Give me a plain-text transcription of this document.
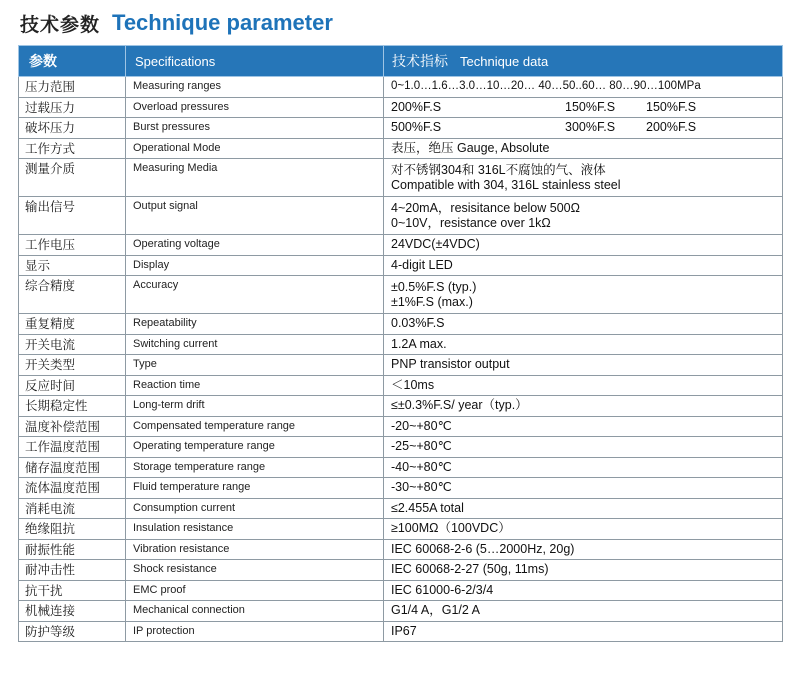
技术参数 Technique parameter
参数	Specifications	技术指标 Technique data
压力范围	Measuring ranges	0~1.0…1.6…3.0…10…20… 40…50..60… 80…90…100MPa

过载压力	Overload pressures	200%F.S 150%F.S 150%F.S

破坏压力	Burst pressures	500%F.S 300%F.S 200%F.S

工作方式	Operational Mode	表压，绝压 Gauge, Absolute

测量介质	Measuring Media	对不锈钢304和 316L不腐蚀的气、液体
Compatible with 304, 316L stainless steel

输出信号	Output signal	4~20mA，resisitance below 500Ω
0~10V，resistance over 1kΩ

工作电压	Operating voltage	24VDC(±4VDC)

显示	Display	4-digit LED

综合精度	Accuracy	±0.5%F.S (typ.)
±1%F.S (max.)

重复精度	Repeatability	0.03%F.S

开关电流	Switching current	1.2A max.

开关类型	Type	PNP transistor output

反应时间	Reaction time	＜10ms

长期稳定性	Long-term drift	≤±0.3%F.S/ year（typ.）

温度补偿范围	Compensated temperature range	-20~+80℃

工作温度范围	Operating temperature range	-25~+80℃

储存温度范围	Storage temperature range	-40~+80℃

流体温度范围	Fluid temperature range	-30~+80℃

消耗电流	Consumption current	≤2.455A total

绝缘阻抗	Insulation resistance	≥100MΩ（100VDC）

耐振性能	Vibration resistance	IEC 60068-2-6 (5…2000Hz, 20g)

耐冲击性	Shock resistance	IEC 60068-2-27 (50g, 11ms)

抗干扰	EMC proof	IEC 61000-6-2/3/4

机械连接	Mechanical connection	G1/4 A，G1/2 A

防护等级	IP protection	IP67
